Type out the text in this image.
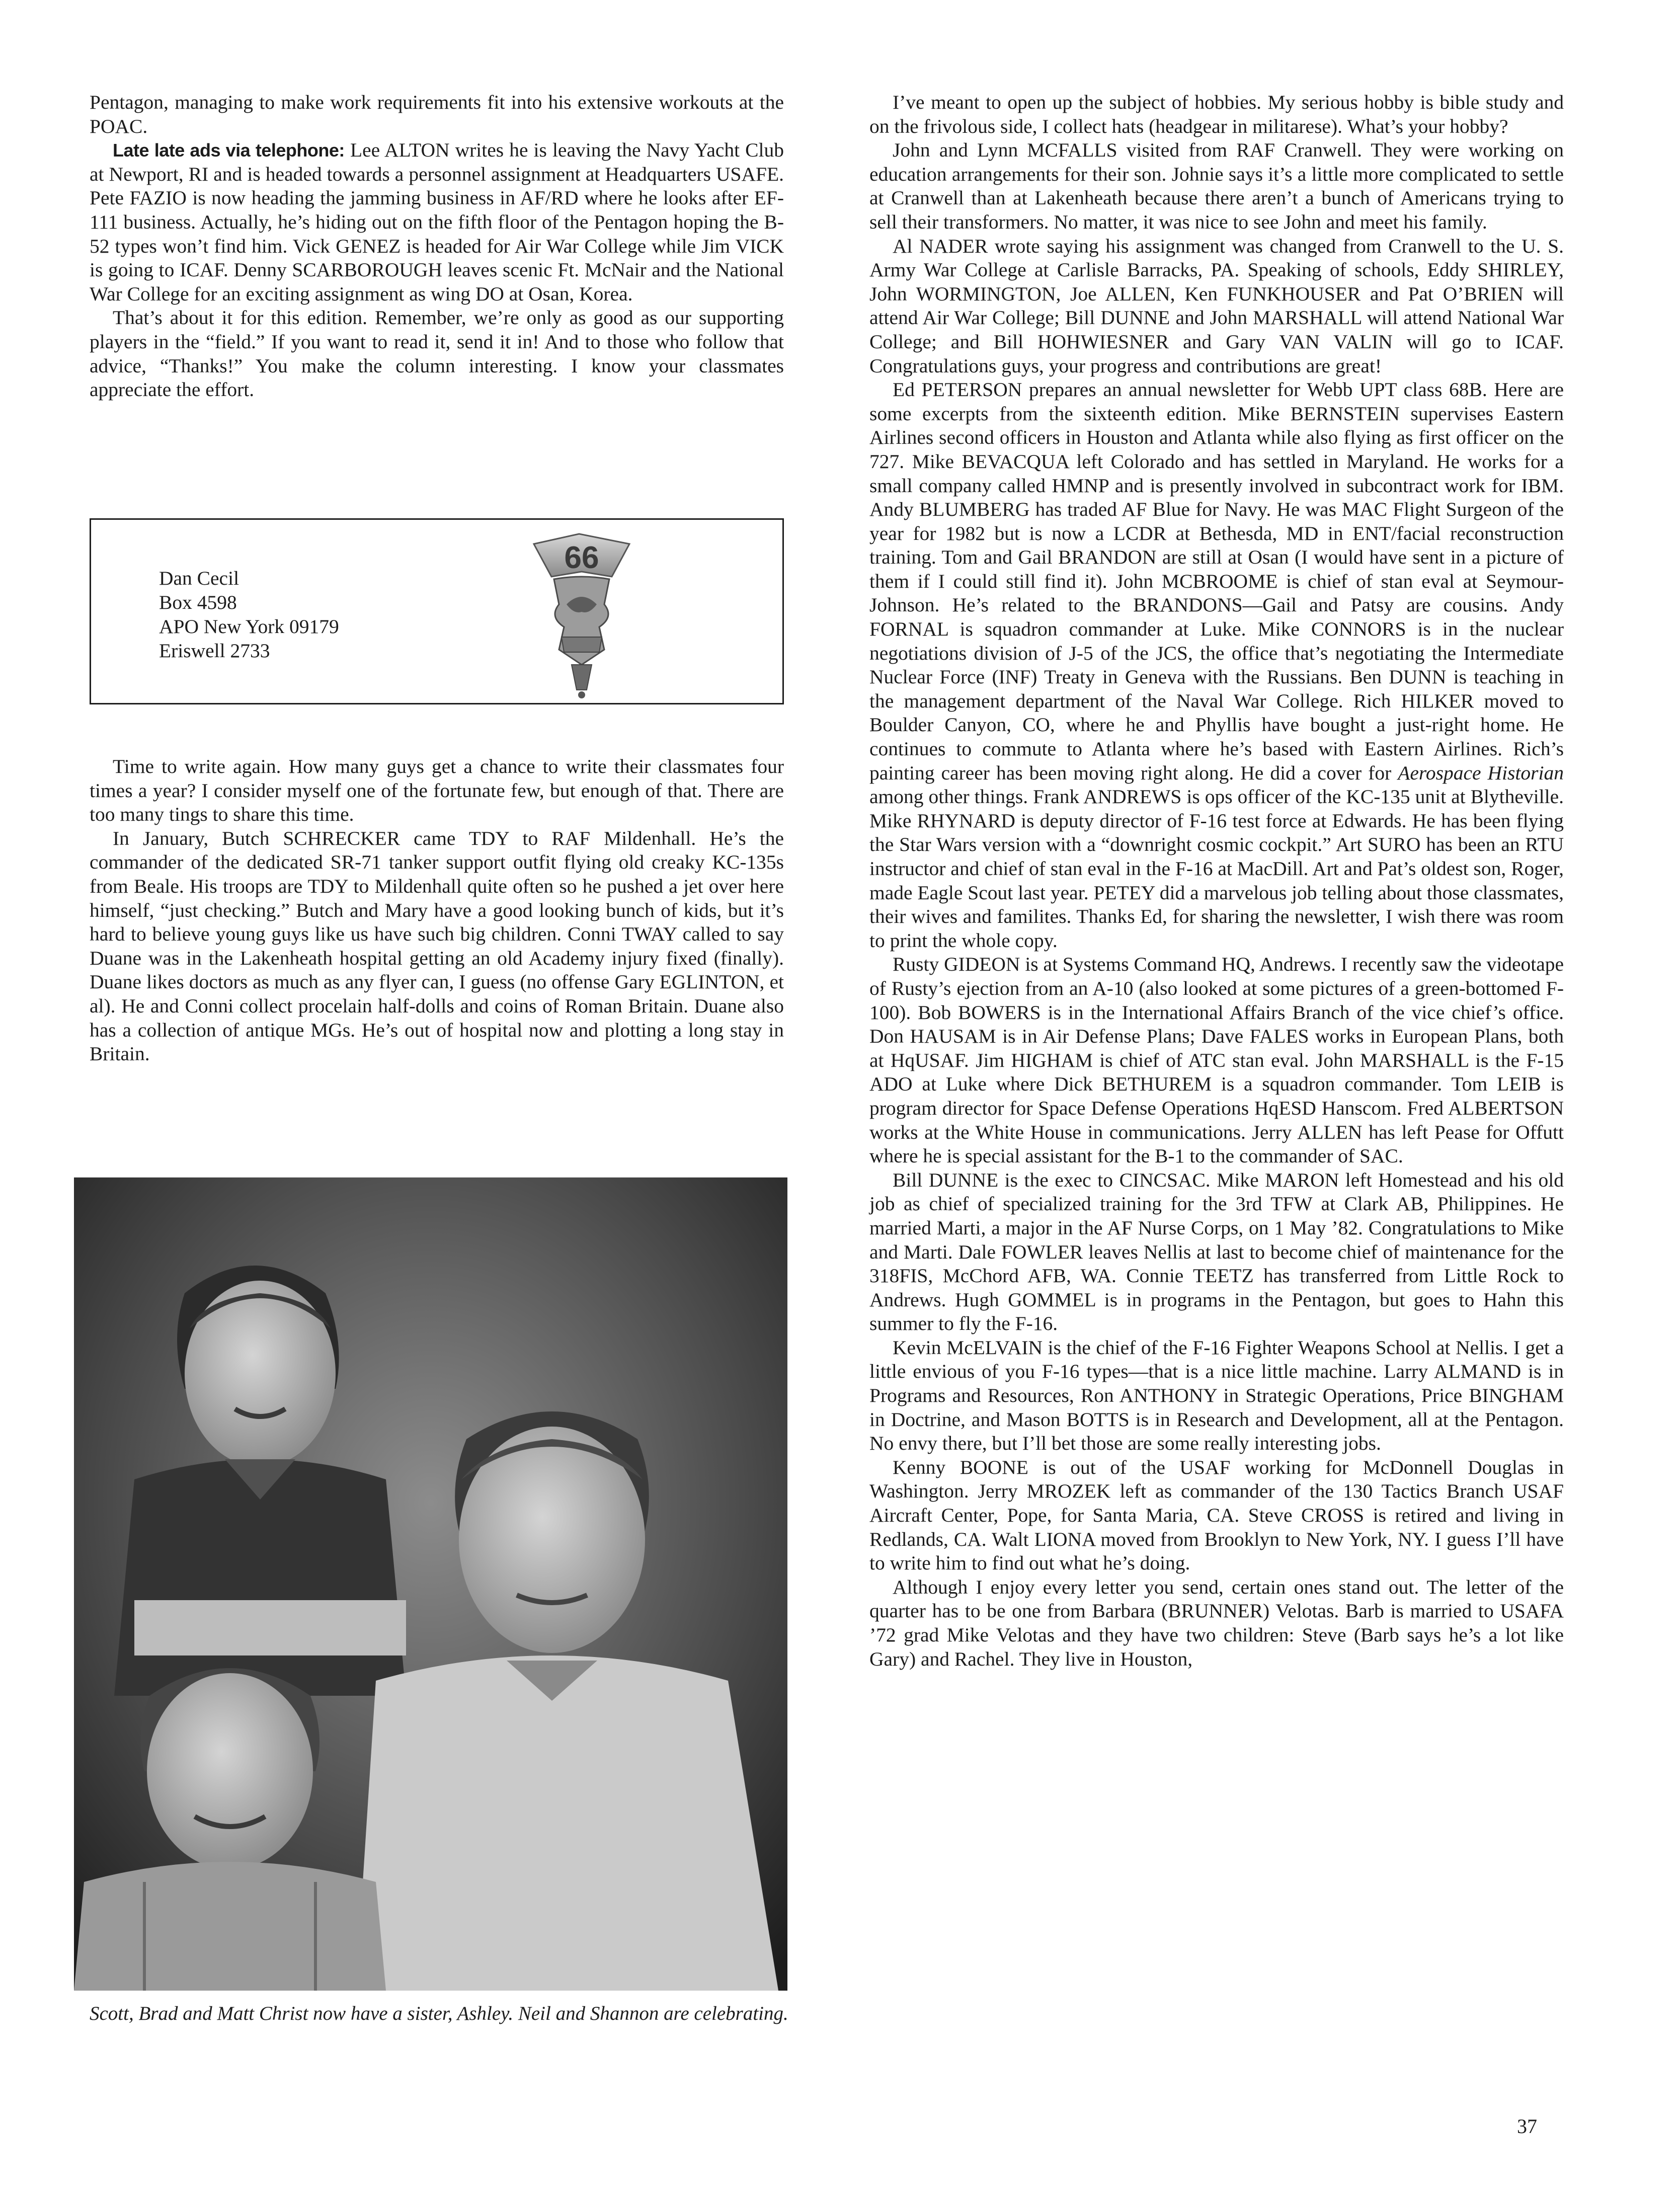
Pentagon, managing to make work requirements fit into his extensive workouts at the POAC.

Late late ads via telephone: Lee ALTON writes he is leaving the Navy Yacht Club at Newport, RI and is headed towards a personnel assignment at Headquarters USAFE. Pete FAZIO is now heading the jamming business in AF/RD where he looks after EF-111 business. Actually, he’s hiding out on the fifth floor of the Pentagon hoping the B-52 types won’t find him. Vick GENEZ is headed for Air War College while Jim VICK is going to ICAF. Denny SCARBOROUGH leaves scenic Ft. McNair and the National War College for an exciting assignment as wing DO at Osan, Korea.

That’s about it for this edition. Remember, we’re only as good as our supporting players in the “field.” If you want to read it, send it in! And to those who follow that advice, “Thanks!” You make the column interesting. I know your classmates appreciate the effort.

Dan Cecil
Box 4598
APO New York 09179
Eriswell 2733
66

Time to write again. How many guys get a chance to write their classmates four times a year? I consider myself one of the fortunate few, but enough of that. There are too many tings to share this time.

In January, Butch SCHRECKER came TDY to RAF Mildenhall. He’s the commander of the dedicated SR-71 tanker support outfit flying old creaky KC-135s from Beale. His troops are TDY to Mildenhall quite often so he pushed a jet over here himself, “just checking.” Butch and Mary have a good looking bunch of kids, but it’s hard to believe young guys like us have such big children. Conni TWAY called to say Duane was in the Lakenheath hospital getting an old Academy injury fixed (finally). Duane likes doctors as much as any flyer can, I guess (no offense Gary EGLINTON, et al). He and Conni collect procelain half-dolls and coins of Roman Britain. Duane also has a collection of antique MGs. He’s out of hospital now and plotting a long stay in Britain.

Scott, Brad and Matt Christ now have a sister, Ashley. Neil and Shannon are celebrating.

I’ve meant to open up the subject of hobbies. My serious hobby is bible study and on the frivolous side, I collect hats (headgear in militarese). What’s your hobby?

John and Lynn MCFALLS visited from RAF Cranwell. They were working on education arrangements for their son. Johnie says it’s a little more complicated to settle at Cranwell than at Lakenheath because there aren’t a bunch of Americans trying to sell their transformers. No matter, it was nice to see John and meet his family.

Al NADER wrote saying his assignment was changed from Cranwell to the U. S. Army War College at Carlisle Barracks, PA. Speaking of schools, Eddy SHIRLEY, John WORMINGTON, Joe ALLEN, Ken FUNKHOUSER and Pat O’BRIEN will attend Air War College; Bill DUNNE and John MARSHALL will attend National War College; and Bill HOHWIESNER and Gary VAN VALIN will go to ICAF. Congratulations guys, your progress and contributions are great!

Ed PETERSON prepares an annual newsletter for Webb UPT class 68B. Here are some excerpts from the sixteenth edition. Mike BERNSTEIN supervises Eastern Airlines second officers in Houston and Atlanta while also flying as first officer on the 727. Mike BEVACQUA left Colorado and has settled in Maryland. He works for a small company called HMNP and is presently involved in subcontract work for IBM. Andy BLUMBERG has traded AF Blue for Navy. He was MAC Flight Surgeon of the year for 1982 but is now a LCDR at Bethesda, MD in ENT/facial reconstruction training. Tom and Gail BRANDON are still at Osan (I would have sent in a picture of them if I could still find it). John MCBROOME is chief of stan eval at Seymour-Johnson. He’s related to the BRANDONS—Gail and Patsy are cousins. Andy FORNAL is squadron commander at Luke. Mike CONNORS is in the nuclear negotiations division of J-5 of the JCS, the office that’s negotiating the Intermediate Nuclear Force (INF) Treaty in Geneva with the Russians. Ben DUNN is teaching in the management department of the Naval War College. Rich HILKER moved to Boulder Canyon, CO, where he and Phyllis have bought a just-right home. He continues to commute to Atlanta where he’s based with Eastern Airlines. Rich’s painting career has been moving right along. He did a cover for Aerospace Historian among other things. Frank ANDREWS is ops officer of the KC-135 unit at Blytheville. Mike RHYNARD is deputy director of F-16 test force at Edwards. He has been flying the Star Wars version with a “downright cosmic cockpit.” Art SURO has been an RTU instructor and chief of stan eval in the F-16 at MacDill. Art and Pat’s oldest son, Roger, made Eagle Scout last year. PETEY did a marvelous job telling about those classmates, their wives and familites. Thanks Ed, for sharing the newsletter, I wish there was room to print the whole copy.

Rusty GIDEON is at Systems Command HQ, Andrews. I recently saw the videotape of Rusty’s ejection from an A-10 (also looked at some pictures of a green-bottomed F-100). Bob BOWERS is in the International Affairs Branch of the vice chief’s office. Don HAUSAM is in Air Defense Plans; Dave FALES works in European Plans, both at HqUSAF. Jim HIGHAM is chief of ATC stan eval. John MARSHALL is the F-15 ADO at Luke where Dick BETHUREM is a squadron commander. Tom LEIB is program director for Space Defense Operations HqESD Hanscom. Fred ALBERTSON works at the White House in communications. Jerry ALLEN has left Pease for Offutt where he is special assistant for the B-1 to the commander of SAC.

Bill DUNNE is the exec to CINCSAC. Mike MARON left Homestead and his old job as chief of specialized training for the 3rd TFW at Clark AB, Philippines. He married Marti, a major in the AF Nurse Corps, on 1 May ’82. Congratulations to Mike and Marti. Dale FOWLER leaves Nellis at last to become chief of maintenance for the 318FIS, McChord AFB, WA. Connie TEETZ has transferred from Little Rock to Andrews. Hugh GOMMEL is in programs in the Pentagon, but goes to Hahn this summer to fly the F-16.

Kevin McELVAIN is the chief of the F-16 Fighter Weapons School at Nellis. I get a little envious of you F-16 types—that is a nice little machine. Larry ALMAND is in Programs and Resources, Ron ANTHONY in Strategic Operations, Price BINGHAM in Doctrine, and Mason BOTTS is in Research and Development, all at the Pentagon. No envy there, but I’ll bet those are some really interesting jobs.

Kenny BOONE is out of the USAF working for McDonnell Douglas in Washington. Jerry MROZEK left as commander of the 130 Tactics Branch USAF Aircraft Center, Pope, for Santa Maria, CA. Steve CROSS is retired and living in Redlands, CA. Walt LIONA moved from Brooklyn to New York, NY. I guess I’ll have to write him to find out what he’s doing.

Although I enjoy every letter you send, certain ones stand out. The letter of the quarter has to be one from Barbara (BRUNNER) Velotas. Barb is married to USAFA ’72 grad Mike Velotas and they have two children: Steve (Barb says he’s a lot like Gary) and Rachel. They live in Houston,

37
